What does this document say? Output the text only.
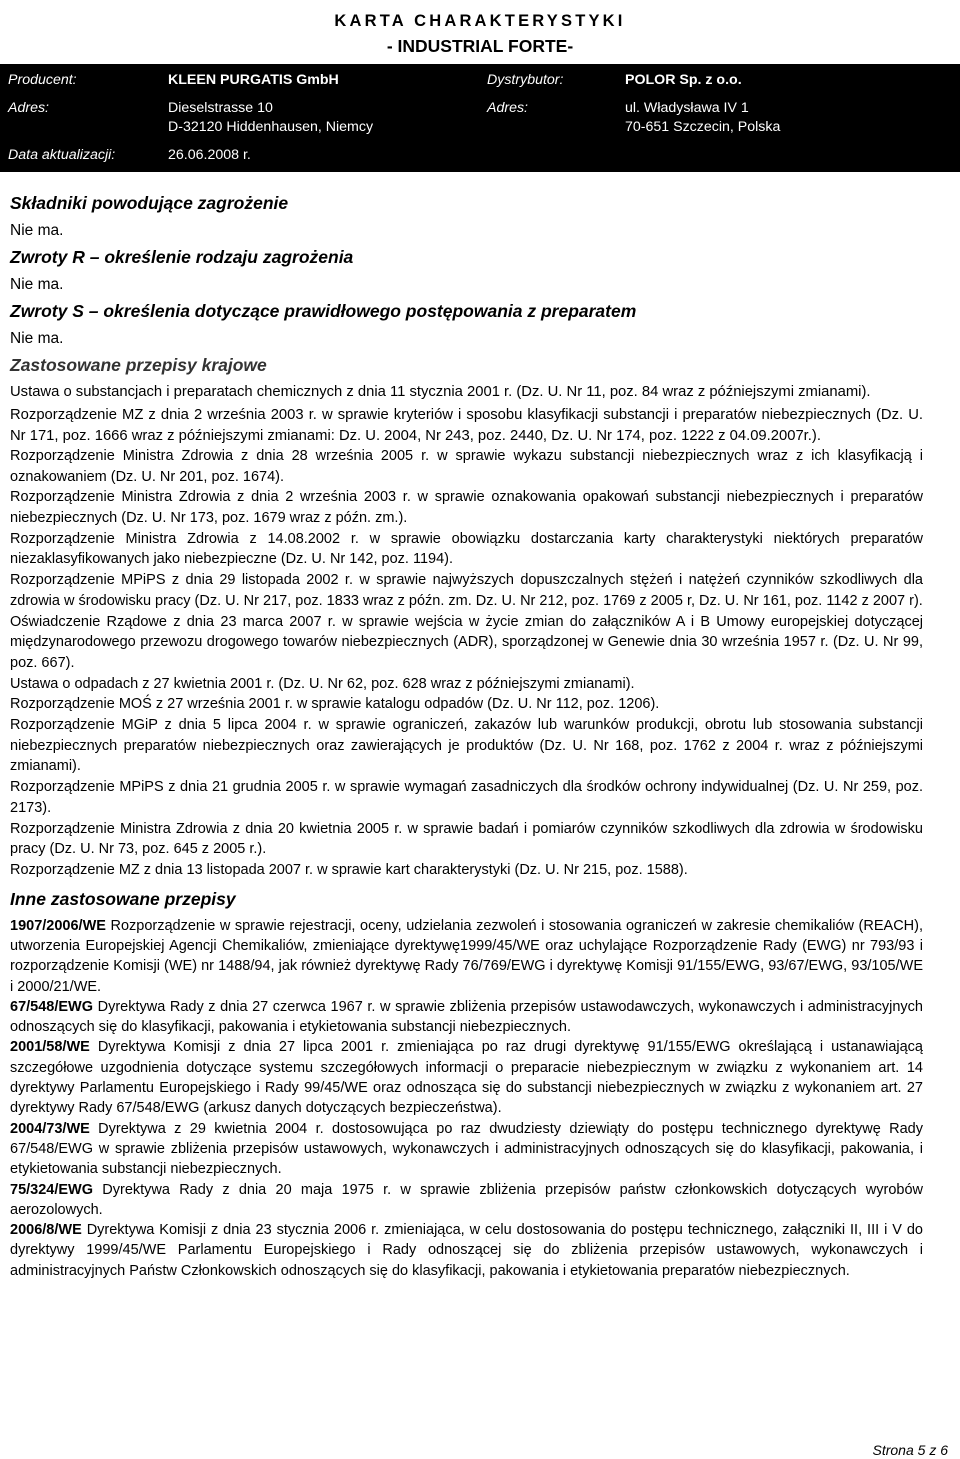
KARTA CHARAKTERYSTYKI
- INDUSTRIAL FORTE-
Producent:	KLEEN PURGATIS GmbH	Dystrybutor:	POLOR Sp. z o.o.
Adres:	Dieselstrasse 10	Adres:	ul. Władysława IV 1
D-32120 Hiddenhausen, Niemcy	70-651 Szczecin, Polska
Data aktualizacji:	26.06.2008 r.

Składniki powodujące zagrożenie

Nie ma.

Zwroty R – określenie rodzaju zagrożenia

Nie ma.

Zwroty S – określenia dotyczące prawidłowego postępowania z preparatem

Nie ma.

Zastosowane przepisy krajowe

Ustawa o substancjach i preparatach chemicznych z dnia 11 stycznia 2001 r. (Dz. U. Nr 11, poz. 84 wraz z późniejszymi zmianami).

Rozporządzenie MZ z dnia 2 września 2003 r. w sprawie kryteriów i sposobu klasyfikacji substancji i preparatów niebezpiecznych (Dz. U. Nr 171, poz. 1666 wraz z późniejszymi zmianami: Dz. U. 2004, Nr 243, poz. 2440, Dz. U. Nr 174, poz. 1222 z 04.09.2007r.).

Rozporządzenie Ministra Zdrowia z dnia 28 września 2005 r. w sprawie wykazu substancji niebezpiecznych wraz z ich klasyfikacją i oznakowaniem (Dz. U. Nr 201, poz. 1674).

Rozporządzenie Ministra Zdrowia z dnia 2 września 2003 r. w sprawie oznakowania opakowań substancji niebezpiecznych i preparatów niebezpiecznych (Dz. U. Nr 173, poz. 1679 wraz z późn. zm.).

Rozporządzenie Ministra Zdrowia z 14.08.2002 r. w sprawie obowiązku dostarczania karty charakterystyki niektórych preparatów niezaklasyfikowanych jako niebezpieczne (Dz. U. Nr 142, poz. 1194).

Rozporządzenie MPiPS z dnia 29 listopada 2002 r. w sprawie najwyższych dopuszczalnych stężeń i natężeń czynników szkodliwych dla zdrowia w środowisku pracy (Dz. U. Nr 217, poz. 1833 wraz z późn. zm. Dz. U. Nr 212, poz. 1769 z 2005 r, Dz. U. Nr 161, poz. 1142 z 2007 r).

Oświadczenie Rządowe z dnia 23 marca 2007 r. w sprawie wejścia w życie zmian do załączników A i B Umowy europejskiej dotyczącej międzynarodowego przewozu drogowego towarów niebezpiecznych (ADR), sporządzonej w Genewie dnia 30 września 1957 r. (Dz. U. Nr 99, poz. 667).

Ustawa o odpadach z 27 kwietnia 2001 r. (Dz. U. Nr 62, poz. 628 wraz z późniejszymi zmianami).

Rozporządzenie MOŚ z 27 września 2001 r. w sprawie katalogu odpadów (Dz. U. Nr 112, poz. 1206).

Rozporządzenie MGiP z dnia 5 lipca 2004 r. w sprawie ograniczeń, zakazów lub warunków produkcji, obrotu lub stosowania substancji niebezpiecznych preparatów niebezpiecznych oraz zawierających je produktów (Dz. U. Nr 168, poz. 1762 z 2004 r. wraz z późniejszymi zmianami).

Rozporządzenie MPiPS z dnia 21 grudnia 2005 r. w sprawie wymagań zasadniczych dla środków ochrony indywidualnej (Dz. U. Nr 259, poz. 2173).

Rozporządzenie Ministra Zdrowia z dnia 20 kwietnia 2005 r. w sprawie badań i pomiarów czynników szkodliwych dla zdrowia w środowisku pracy (Dz. U. Nr 73, poz. 645 z 2005 r.).

Rozporządzenie MZ z dnia 13 listopada 2007 r. w sprawie kart charakterystyki (Dz. U. Nr 215, poz. 1588).

Inne zastosowane przepisy

1907/2006/WE Rozporządzenie w sprawie rejestracji, oceny, udzielania zezwoleń i stosowania ograniczeń w zakresie chemikaliów (REACH), utworzenia Europejskiej Agencji Chemikaliów, zmieniające dyrektywę1999/45/WE oraz uchylające Rozporządzenie Rady (EWG) nr 793/93 i rozporządzenie Komisji (WE) nr 1488/94, jak również dyrektywę Rady 76/769/EWG i dyrektywę Komisji 91/155/EWG, 93/67/EWG, 93/105/WE i 2000/21/WE.

67/548/EWG Dyrektywa Rady z dnia 27 czerwca 1967 r. w sprawie zbliżenia przepisów ustawodawczych, wykonawczych i administracyjnych odnoszących się do klasyfikacji, pakowania i etykietowania substancji niebezpiecznych.

2001/58/WE Dyrektywa Komisji z dnia 27 lipca 2001 r. zmieniająca po raz drugi dyrektywę 91/155/EWG określającą i ustanawiającą szczegółowe uzgodnienia dotyczące systemu szczegółowych informacji o preparacie niebezpiecznym w związku z wykonaniem art. 14 dyrektywy Parlamentu Europejskiego i Rady 99/45/WE oraz odnosząca się do substancji niebezpiecznych w związku z wykonaniem art. 27 dyrektywy Rady 67/548/EWG (arkusz danych dotyczących bezpieczeństwa).

2004/73/WE Dyrektywa z 29 kwietnia 2004 r. dostosowująca po raz dwudziesty dziewiąty do postępu technicznego dyrektywę Rady 67/548/EWG w sprawie zbliżenia przepisów ustawowych, wykonawczych i administracyjnych odnoszących się do klasyfikacji, pakowania, i etykietowania substancji niebezpiecznych.

75/324/EWG Dyrektywa Rady z dnia 20 maja 1975 r. w sprawie zbliżenia przepisów państw członkowskich dotyczących wyrobów aerozolowych.

2006/8/WE Dyrektywa Komisji z dnia 23 stycznia 2006 r. zmieniająca, w celu dostosowania do postępu technicznego, załączniki II, III i V do dyrektywy 1999/45/WE Parlamentu Europejskiego i Rady odnoszącej się do zbliżenia przepisów ustawowych, wykonawczych i administracyjnych Państw Członkowskich odnoszących się do klasyfikacji, pakowania i etykietowania preparatów niebezpiecznych.

Strona 5 z 6
